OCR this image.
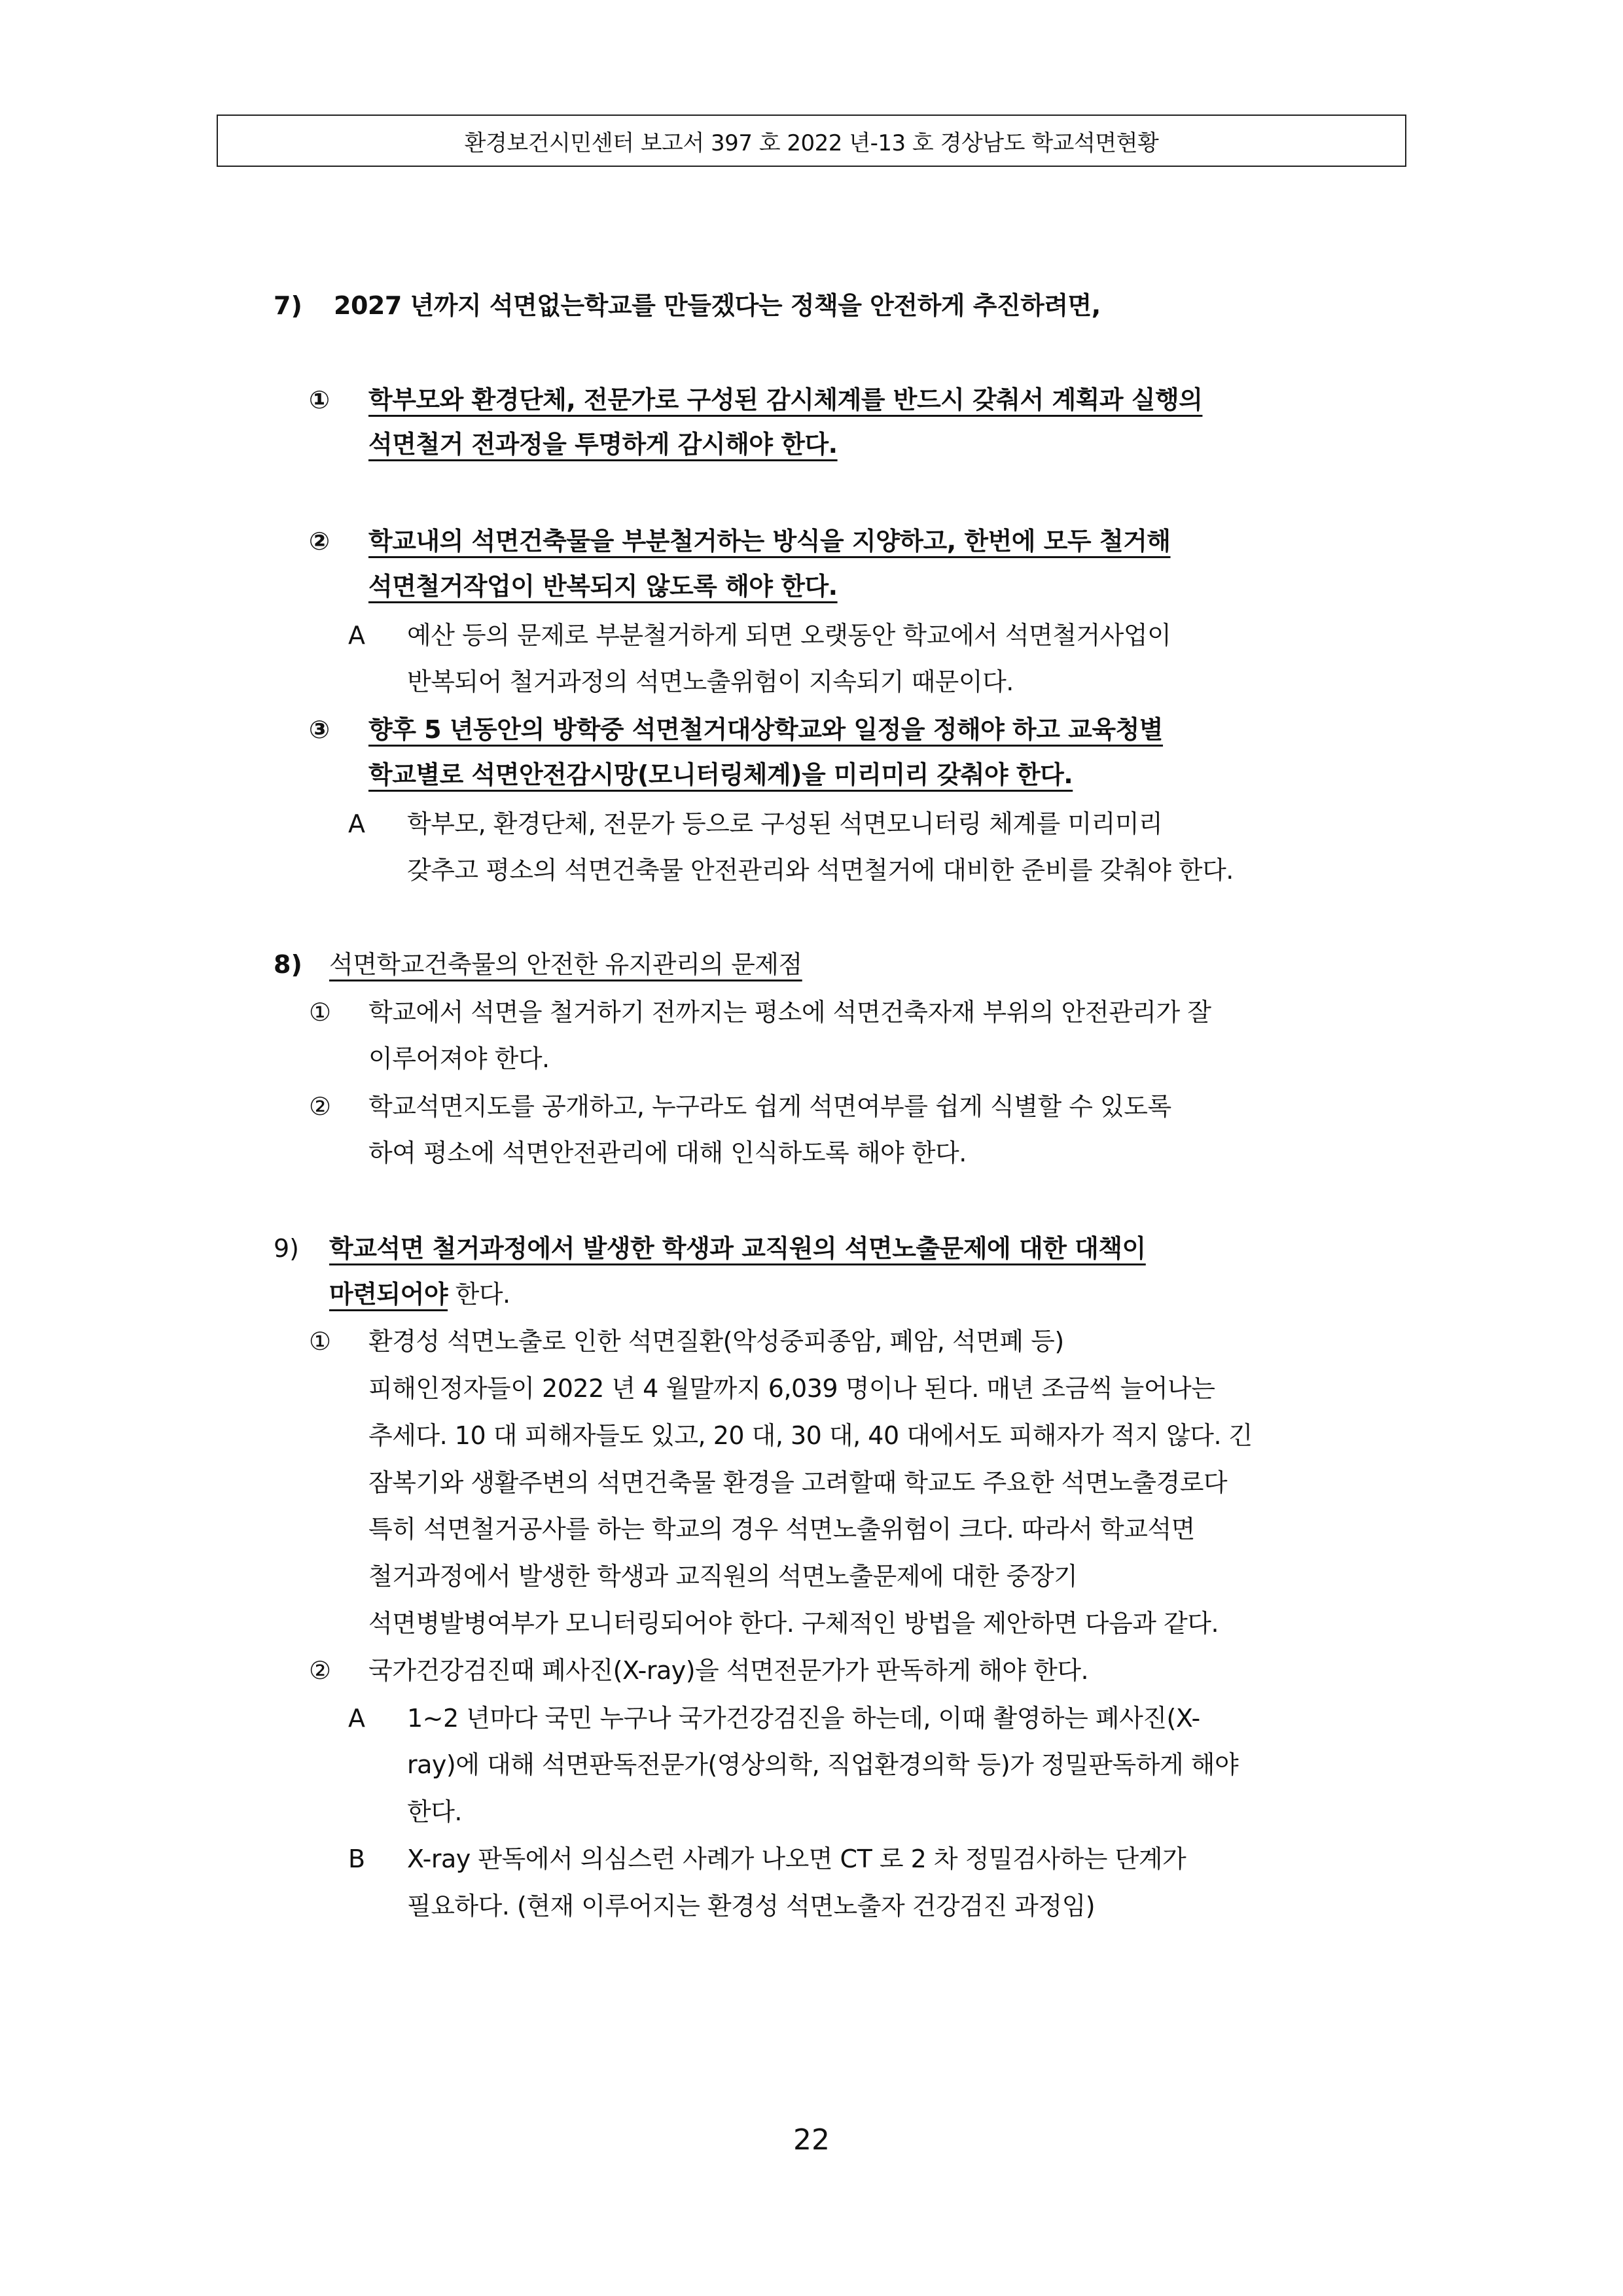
환경보건시민센터 보고서 397 호 2022 년-13 호 경상남도 학교석면현황
7) 2027 년까지 석면없는학교를 만들겠다는 정책을 안전하게 추진하려면,
① 학부모와 환경단체, 전문가로 구성된 감시체계를 반드시 갖춰서 계획과 실행의
석면철거 전과정을 투명하게 감시해야 한다.
② 학교내의 석면건축물을 부분철거하는 방식을 지양하고, 한번에 모두 철거해
석면철거작업이 반복되지 않도록 해야 한다.
A 예산 등의 문제로 부분철거하게 되면 오랫동안 학교에서 석면철거사업이
반복되어 철거과정의 석면노출위험이 지속되기 때문이다.
③ 향후 5 년동안의 방학중 석면철거대상학교와 일정을 정해야 하고 교육청별
학교별로 석면안전감시망(모니터링체계)을 미리미리 갖춰야 한다.
A 학부모, 환경단체, 전문가 등으로 구성된 석면모니터링 체계를 미리미리
갖추고 평소의 석면건축물 안전관리와 석면철거에 대비한 준비를 갖춰야 한다.
8) 석면학교건축물의 안전한 유지관리의 문제점
① 학교에서 석면을 철거하기 전까지는 평소에 석면건축자재 부위의 안전관리가 잘
이루어져야 한다.
② 학교석면지도를 공개하고, 누구라도 쉽게 석면여부를 쉽게 식별할 수 있도록
하여 평소에 석면안전관리에 대해 인식하도록 해야 한다.
9) 학교석면 철거과정에서 발생한 학생과 교직원의 석면노출문제에 대한 대책이
마련되어야 한다.
① 환경성 석면노출로 인한 석면질환(악성중피종암, 폐암, 석면폐 등)
피해인정자들이 2022 년 4 월말까지 6,039 명이나 된다. 매년 조금씩 늘어나는
추세다. 10 대 피해자들도 있고, 20 대, 30 대, 40 대에서도 피해자가 적지 않다. 긴
잠복기와 생활주변의 석면건축물 환경을 고려할때 학교도 주요한 석면노출경로다
특히 석면철거공사를 하는 학교의 경우 석면노출위험이 크다. 따라서 학교석면
철거과정에서 발생한 학생과 교직원의 석면노출문제에 대한 중장기
석면병발병여부가 모니터링되어야 한다. 구체적인 방법을 제안하면 다음과 같다.
② 국가건강검진때 폐사진(X-ray)을 석면전문가가 판독하게 해야 한다.
A 1~2 년마다 국민 누구나 국가건강검진을 하는데, 이때 촬영하는 폐사진(X-
ray)에 대해 석면판독전문가(영상의학, 직업환경의학 등)가 정밀판독하게 해야
한다.
B X-ray 판독에서 의심스런 사례가 나오면 CT 로 2 차 정밀검사하는 단계가
필요하다. (현재 이루어지는 환경성 석면노출자 건강검진 과정임)
22
